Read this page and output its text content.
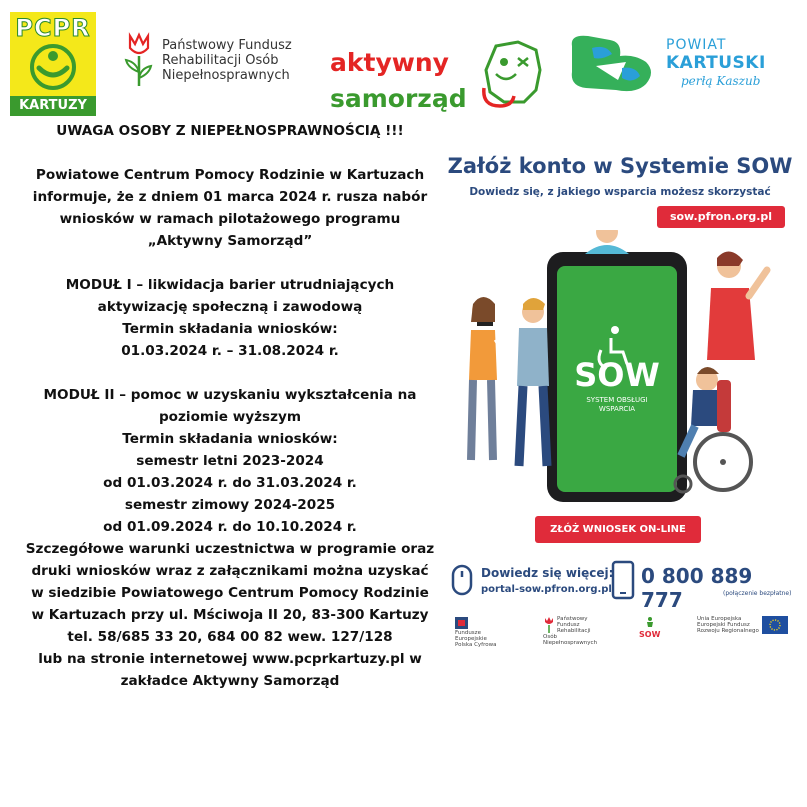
PCPR
KARTUZY
Państwowy Fundusz
Rehabilitacji Osób
Niepełnosprawnych aktywny
samorząd
POWIAT
KARTUSKI
perłą Kaszub

UWAGA OSOBY Z NIEPEŁNOSPRAWNOŚCIĄ !!!

Powiatowe Centrum Pomocy Rodzinie w Kartuzach

informuje, że z dniem 01 marca 2024 r. rusza nabór

wniosków w ramach pilotażowego programu

„Aktywny Samorząd”

MODUŁ I – likwidacja barier utrudniających

aktywizację społeczną i zawodową

Termin składania wniosków:

01.03.2024 r. – 31.08.2024 r.

MODUŁ II – pomoc w uzyskaniu wykształcenia na

poziomie wyższym

Termin składania wniosków:

semestr letni 2023-2024

od 01.03.2024 r. do 31.03.2024 r.

semestr zimowy 2024-2025

od 01.09.2024 r. do 10.10.2024 r.

Szczegółowe warunki uczestnictwa w programie oraz

druki wniosków wraz z załącznikami można uzyskać

w siedzibie Powiatowego Centrum Pomocy Rodzinie

w Kartuzach przy ul. Mściwoja II 20, 83-300 Kartuzy

tel. 58/685 33 20, 684 00 82 wew. 127/128

lub na stronie internetowej www.pcprkartuzy.pl w

zakładce Aktywny Samorząd

Załóż konto w Systemie SOW
Dowiedz się, z jakiego wsparcia możesz skorzystać
sow.pfron.org.pl
SOW
SYSTEM OBSŁUGI
WSPARCIA
ZŁÓŻ WNIOSEK ON-LINE
Dowiedz się więcej:
portal-sow.pfron.org.pl
0 800 889 777	(połączenie bezpłatne)
Fundusze
Europejskie
Polska Cyfrowa
Państwowy Fundusz
Rehabilitacji Osób
Niepełnosprawnych
SOW
Unia Europejska
Europejski Fundusz
Rozwoju Regionalnego
